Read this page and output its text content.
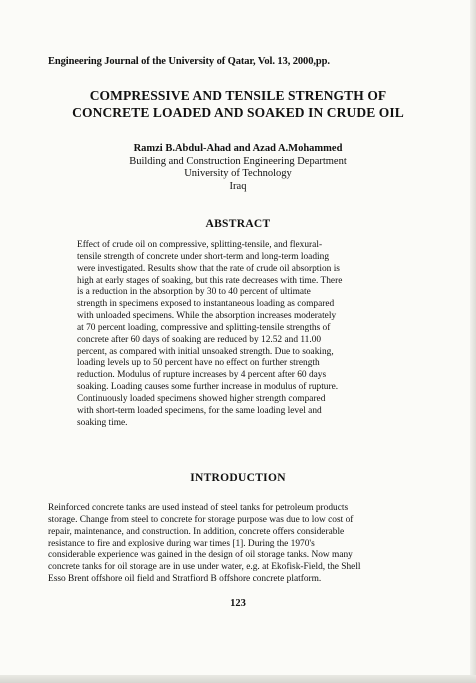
Engineering Journal of the University of Qatar, Vol. 13, 2000,pp.
COMPRESSIVE AND TENSILE STRENGTH OF
CONCRETE LOADED AND SOAKED IN CRUDE OIL
Ramzi B.Abdul-Ahad and Azad A.Mohammed
Building and Construction Engineering Department
University of Technology
Iraq
ABSTRACT
Effect of crude oil on compressive, splitting-tensile, and flexural-
tensile strength of concrete under short-term and long-term loading
were investigated. Results show that the rate of crude oil absorption is
high at early stages of soaking, but this rate decreases with time. There
is a reduction in the absorption by 30 to 40 percent of ultimate
strength in specimens exposed to instantaneous loading as compared
with unloaded specimens. While the absorption increases moderately
at 70 percent loading, compressive and splitting-tensile strengths of
concrete after 60 days of soaking are reduced by 12.52 and 11.00
percent, as compared with initial unsoaked strength. Due to soaking,
loading levels up to 50 percent have no effect on further strength
reduction. Modulus of rupture increases by 4 percent after 60 days
soaking. Loading causes some further increase in modulus of rupture.
Continuously loaded specimens showed higher strength compared
with short-term loaded specimens, for the same loading level and
soaking time.
INTRODUCTION
Reinforced concrete tanks are used instead of steel tanks for petroleum products
storage. Change from steel to concrete for storage purpose was due to low cost of
repair, maintenance, and construction. In addition, concrete offers considerable
resistance to fire and explosive during war times [1]. During the 1970's
considerable experience was gained in the design of oil storage tanks. Now many
concrete tanks for oil storage are in use under water, e.g. at Ekofisk-Field, the Shell
Esso Brent offshore oil field and Stratfiord B offshore concrete platform.
123
